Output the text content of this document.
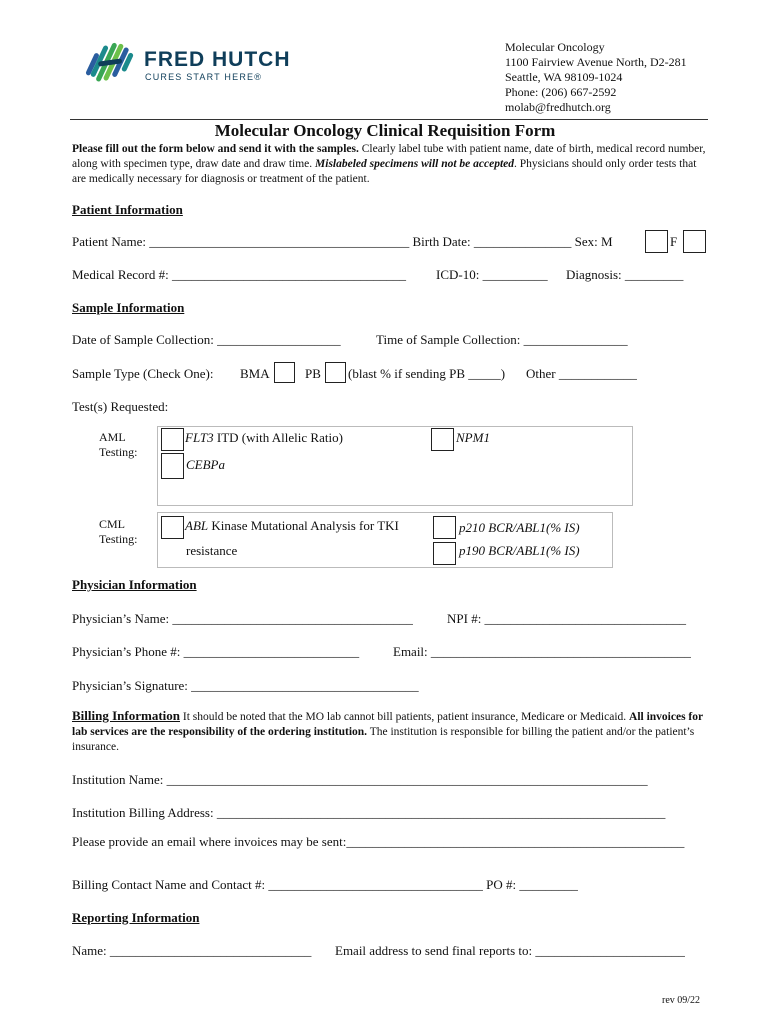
FRED HUTCH
CURES START HERE®
Molecular Oncology
1100 Fairview Avenue North, D2-281
Seattle, WA 98109-1024
Phone: (206) 667-2592
molab@fredhutch.org
Molecular Oncology Clinical Requisition Form
Please fill out the form below and send it with the samples. Clearly label tube with patient name, date of birth, medical record number, along with specimen type, draw date and draw time. Mislabeled specimens will not be accepted. Physicians should only order tests that are medically necessary for diagnosis or treatment of the patient.
Patient Information
Patient Name: ________________________________________ Birth Date: _______________ Sex: M	F
Medical Record #: ____________________________________ ICD-10: __________ Diagnosis: _________
Sample Information
Date of Sample Collection: ___________________	Time of Sample Collection: ________________
Sample Type (Check One): BMA	PB (blast % if sending PB _____) Other ____________
Test(s) Requested:
AML
Testing:
FLT3 ITD (with Allelic Ratio)	NPM1
CEBPa
CML
Testing:
ABL Kinase Mutational Analysis for TKI
resistance
p210 BCR/ABL1(% IS)
p190 BCR/ABL1(% IS)
Physician Information
Physician’s Name: _____________________________________	NPI #: _______________________________
Physician’s Phone #: ___________________________	Email: ________________________________________
Physician’s Signature: ___________________________________
Billing Information It should be noted that the MO lab cannot bill patients, patient insurance, Medicare or Medicaid. All invoices for lab services are the responsibility of the ordering institution. The institution is responsible for billing the patient and/or the patient’s insurance.
Institution Name: __________________________________________________________________________
Institution Billing Address: _____________________________________________________________________
Please provide an email where invoices may be sent:____________________________________________________
Billing Contact Name and Contact #: _________________________________ PO #: _________
Reporting Information
Name: _______________________________ Email address to send final reports to: _______________________
rev 09/22
